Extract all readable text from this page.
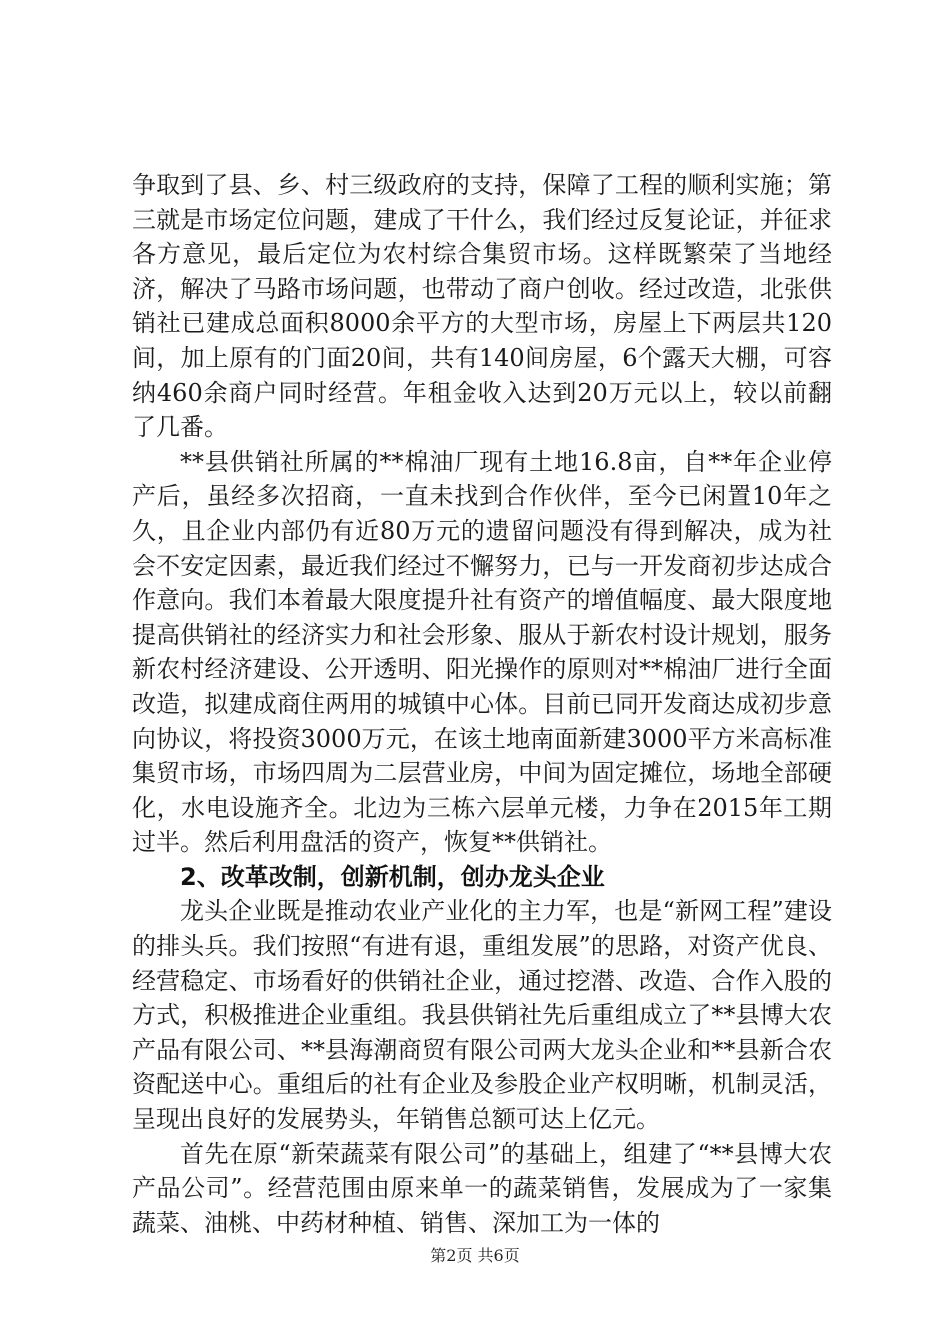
争取到了县、乡、村三级政府的支持，保障了工程的顺利实施；第三就是市场定位问题，建成了干什么，我们经过反复论证，并征求各方意见，最后定位为农村综合集贸市场。这样既繁荣了当地经济，解决了马路市场问题，也带动了商户创收。经过改造，北张供销社已建成总面积8000余平方的大型市场，房屋上下两层共120间，加上原有的门面20间，共有140间房屋，6个露天大棚，可容纳460余商户同时经营。年租金收入达到20万元以上，较以前翻了几番。

**县供销社所属的**棉油厂现有土地16.8亩，自**年企业停产后，虽经多次招商，一直未找到合作伙伴，至今已闲置10年之久，且企业内部仍有近80万元的遗留问题没有得到解决，成为社会不安定因素，最近我们经过不懈努力，已与一开发商初步达成合作意向。我们本着最大限度提升社有资产的增值幅度、最大限度地提高供销社的经济实力和社会形象、服从于新农村设计规划，服务新农村经济建设、公开透明、阳光操作的原则对**棉油厂进行全面改造，拟建成商住两用的城镇中心体。目前已同开发商达成初步意向协议，将投资3000万元，在该土地南面新建3000平方米高标准集贸市场，市场四周为二层营业房，中间为固定摊位，场地全部硬化，水电设施齐全。北边为三栋六层单元楼，力争在2015年工期过半。然后利用盘活的资产，恢复**供销社。

2、改革改制，创新机制，创办龙头企业

龙头企业既是推动农业产业化的主力军，也是“新网工程”建设的排头兵。我们按照“有进有退，重组发展”的思路，对资产优良、经营稳定、市场看好的供销社企业，通过挖潜、改造、合作入股的方式，积极推进企业重组。我县供销社先后重组成立了**县博大农产品有限公司、**县海潮商贸有限公司两大龙头企业和**县新合农资配送中心。重组后的社有企业及参股企业产权明晰，机制灵活，呈现出良好的发展势头，年销售总额可达上亿元。

首先在原“新荣蔬菜有限公司”的基础上，组建了“**县博大农产品公司”。经营范围由原来单一的蔬菜销售，发展成为了一家集蔬菜、油桃、中药材种植、销售、深加工为一体的

第2页 共6页
